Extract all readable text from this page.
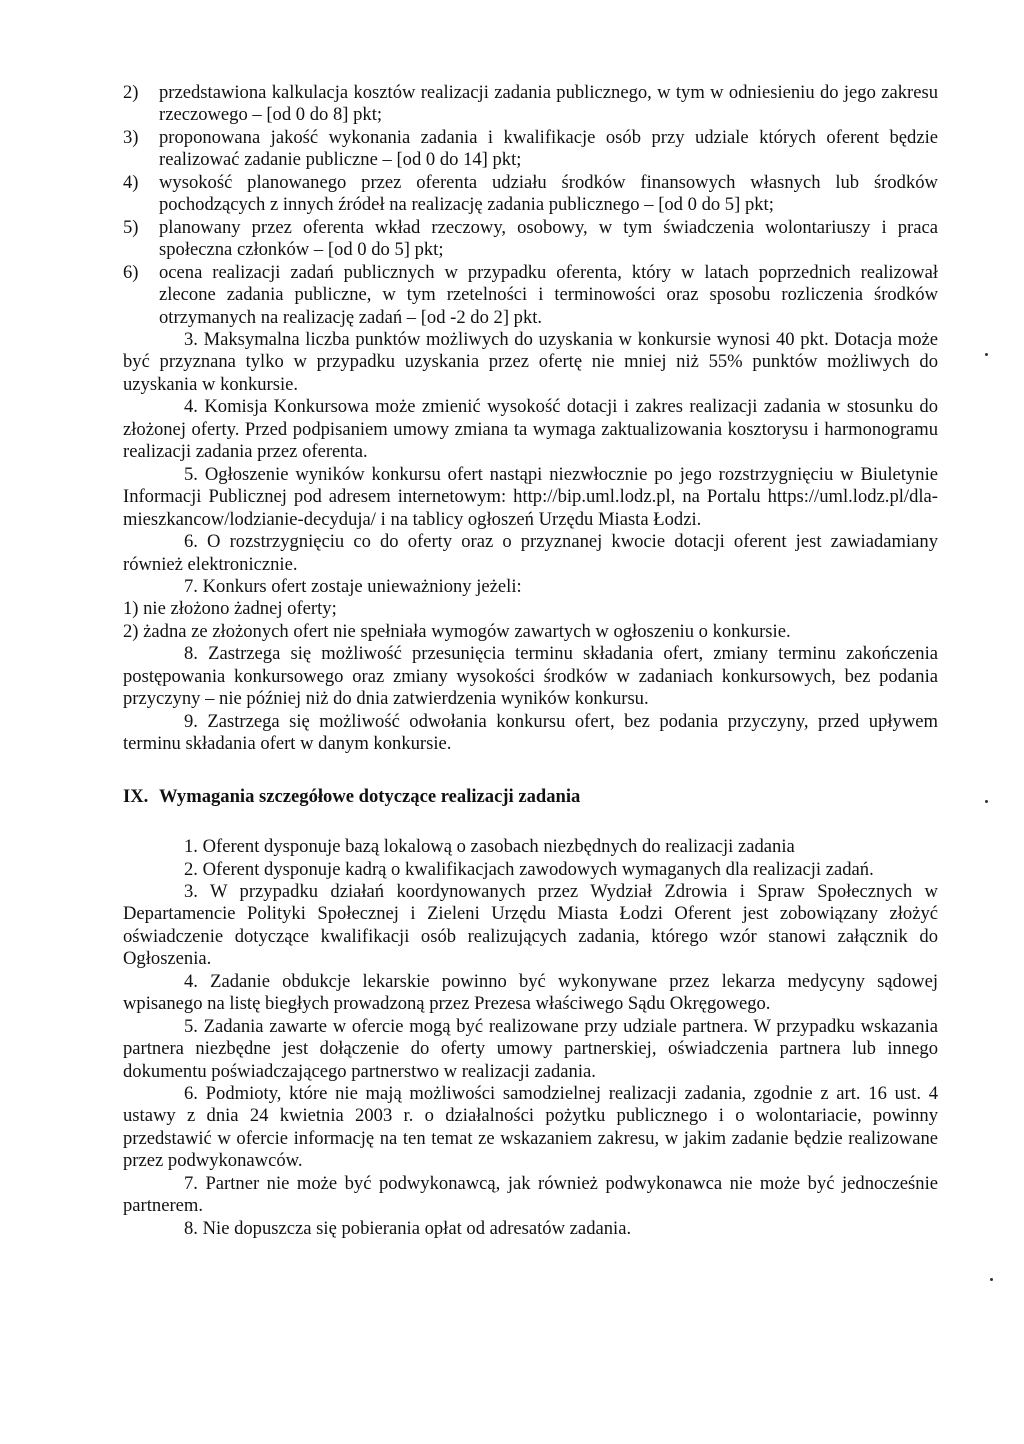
2) przedstawiona kalkulacja kosztów realizacji zadania publicznego, w tym w odniesieniu do jego zakresu rzeczowego – [od 0 do 8] pkt;

3) proponowana jakość wykonania zadania i kwalifikacje osób przy udziale których oferent będzie realizować zadanie publiczne – [od 0 do 14] pkt;

4) wysokość planowanego przez oferenta udziału środków finansowych własnych lub środków pochodzących z innych źródeł na realizację zadania publicznego – [od 0 do 5] pkt;

5) planowany przez oferenta wkład rzeczowy, osobowy, w tym świadczenia wolontariuszy i praca społeczna członków – [od 0 do 5] pkt;

6) ocena realizacji zadań publicznych w przypadku oferenta, który w latach poprzednich realizował zlecone zadania publiczne, w tym rzetelności i terminowości oraz sposobu rozliczenia środków otrzymanych na realizację zadań – [od -2 do 2] pkt.

3. Maksymalna liczba punktów możliwych do uzyskania w konkursie wynosi 40 pkt. Dotacja może być przyznana tylko w przypadku uzyskania przez ofertę nie mniej niż 55% punktów możliwych do uzyskania w konkursie.

4. Komisja Konkursowa może zmienić wysokość dotacji i zakres realizacji zadania w stosunku do złożonej oferty. Przed podpisaniem umowy zmiana ta wymaga zaktualizowania kosztorysu i harmonogramu realizacji zadania przez oferenta.

5. Ogłoszenie wyników konkursu ofert nastąpi niezwłocznie po jego rozstrzygnięciu w Biuletynie Informacji Publicznej pod adresem internetowym: http://bip.uml.lodz.pl, na Portalu https://uml.lodz.pl/dla-mieszkancow/lodzianie-decyduja/ i na tablicy ogłoszeń Urzędu Miasta Łodzi.

6. O rozstrzygnięciu co do oferty oraz o przyznanej kwocie dotacji oferent jest zawiadamiany również elektronicznie.

7. Konkurs ofert zostaje unieważniony jeżeli:

1) nie złożono żadnej oferty;

2) żadna ze złożonych ofert nie spełniała wymogów zawartych w ogłoszeniu o konkursie.

8. Zastrzega się możliwość przesunięcia terminu składania ofert, zmiany terminu zakończenia postępowania konkursowego oraz zmiany wysokości środków w zadaniach konkursowych, bez podania przyczyny – nie później niż do dnia zatwierdzenia wyników konkursu.

9. Zastrzega się możliwość odwołania konkursu ofert, bez podania przyczyny, przed upływem terminu składania ofert w danym konkursie.

IX. Wymagania szczegółowe dotyczące realizacji zadania

1. Oferent dysponuje bazą lokalową o zasobach niezbędnych do realizacji zadania

2. Oferent dysponuje kadrą o kwalifikacjach zawodowych wymaganych dla realizacji zadań.

3. W przypadku działań koordynowanych przez Wydział Zdrowia i Spraw Społecznych w Departamencie Polityki Społecznej i Zieleni Urzędu Miasta Łodzi Oferent jest zobowiązany złożyć oświadczenie dotyczące kwalifikacji osób realizujących zadania, którego wzór stanowi załącznik do Ogłoszenia.

4. Zadanie obdukcje lekarskie powinno być wykonywane przez lekarza medycyny sądowej wpisanego na listę biegłych prowadzoną przez Prezesa właściwego Sądu Okręgowego.

5. Zadania zawarte w ofercie mogą być realizowane przy udziale partnera. W przypadku wskazania partnera niezbędne jest dołączenie do oferty umowy partnerskiej, oświadczenia partnera lub innego dokumentu poświadczającego partnerstwo w realizacji zadania.

6. Podmioty, które nie mają możliwości samodzielnej realizacji zadania, zgodnie z art. 16 ust. 4 ustawy z dnia 24 kwietnia 2003 r. o działalności pożytku publicznego i o wolontariacie, powinny przedstawić w ofercie informację na ten temat ze wskazaniem zakresu, w jakim zadanie będzie realizowane przez podwykonawców.

7. Partner nie może być podwykonawcą, jak również podwykonawca nie może być jednocześnie partnerem.

8. Nie dopuszcza się pobierania opłat od adresatów zadania.
